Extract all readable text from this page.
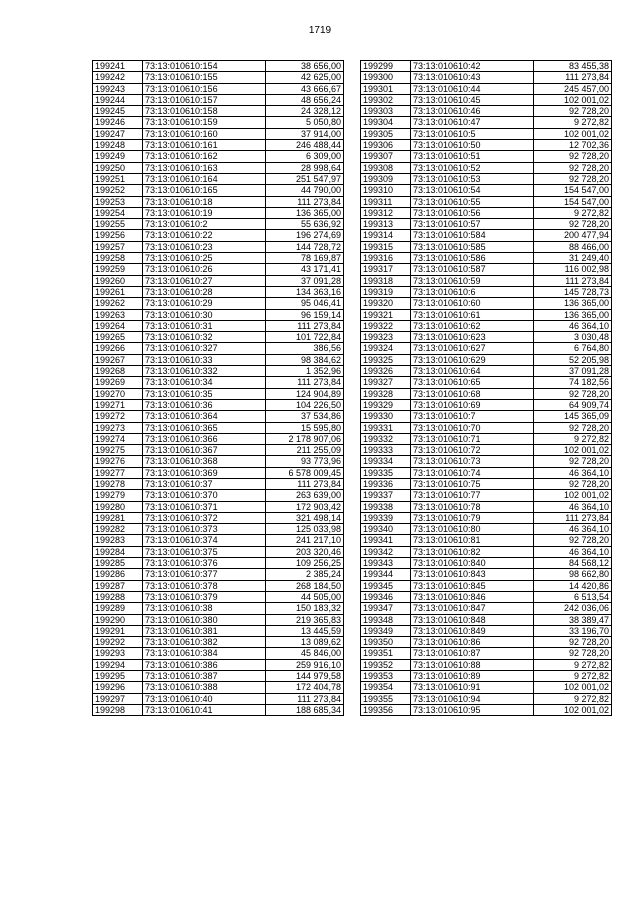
1719
199241	73:13:010610:154	38 656,00
199242	73:13:010610:155	42 625,00
199243	73:13:010610:156	43 666,67
199244	73:13:010610:157	48 656,24
199245	73:13:010610:158	24 328,12
199246	73:13:010610:159	5 050,80
199247	73:13:010610:160	37 914,00
199248	73:13:010610:161	246 488,44
199249	73:13:010610:162	6 309,00
199250	73:13:010610:163	28 998,64
199251	73:13:010610:164	251 547,97
199252	73:13:010610:165	44 790,00
199253	73:13:010610:18	111 273,84
199254	73:13:010610:19	136 365,00
199255	73:13:010610:2	55 636,92
199256	73:13:010610:22	196 274,69
199257	73:13:010610:23	144 728,72
199258	73:13:010610:25	78 169,87
199259	73:13:010610:26	43 171,41
199260	73:13:010610:27	37 091,28
199261	73:13:010610:28	134 363,16
199262	73:13:010610:29	95 046,41
199263	73:13:010610:30	96 159,14
199264	73:13:010610:31	111 273,84
199265	73:13:010610:32	101 722,84
199266	73:13:010610:327	386,56
199267	73:13:010610:33	98 384,62
199268	73:13:010610:332	1 352,96
199269	73:13:010610:34	111 273,84
199270	73:13:010610:35	124 904,89
199271	73:13:010610:36	104 226,50
199272	73:13:010610:364	37 534,86
199273	73:13:010610:365	15 595,80
199274	73:13:010610:366	2 178 907,06
199275	73:13:010610:367	211 255,09
199276	73:13:010610:368	93 773,96
199277	73:13:010610:369	6 578 009,45
199278	73:13:010610:37	111 273,84
199279	73:13:010610:370	263 639,00
199280	73:13:010610:371	172 903,42
199281	73:13:010610:372	321 498,14
199282	73:13:010610:373	125 033,98
199283	73:13:010610:374	241 217,10
199284	73:13:010610:375	203 320,46
199285	73:13:010610:376	109 256,25
199286	73:13:010610:377	2 385,24
199287	73:13:010610:378	268 184,50
199288	73:13:010610:379	44 505,00
199289	73:13:010610:38	150 183,32
199290	73:13:010610:380	219 365,83
199291	73:13:010610:381	13 445,59
199292	73:13:010610:382	13 089,62
199293	73:13:010610:384	45 846,00
199294	73:13:010610:386	259 916,10
199295	73:13:010610:387	144 979,58
199296	73:13:010610:388	172 404,78
199297	73:13:010610:40	111 273,84
199298	73:13:010610:41	188 685,34
199299	73:13:010610:42	83 455,38
199300	73:13:010610:43	111 273,84
199301	73:13:010610:44	245 457,00
199302	73:13:010610:45	102 001,02
199303	73:13:010610:46	92 728,20
199304	73:13:010610:47	9 272,82
199305	73:13:010610:5	102 001,02
199306	73:13:010610:50	12 702,36
199307	73:13:010610:51	92 728,20
199308	73:13:010610:52	92 728,20
199309	73:13:010610:53	92 728,20
199310	73:13:010610:54	154 547,00
199311	73:13:010610:55	154 547,00
199312	73:13:010610:56	9 272,82
199313	73:13:010610:57	92 728,20
199314	73:13:010610:584	200 477,94
199315	73:13:010610:585	88 466,00
199316	73:13:010610:586	31 249,40
199317	73:13:010610:587	116 002,98
199318	73:13:010610:59	111 273,84
199319	73:13:010610:6	145 728,73
199320	73:13:010610:60	136 365,00
199321	73:13:010610:61	136 365,00
199322	73:13:010610:62	46 364,10
199323	73:13:010610:623	3 030,48
199324	73:13:010610:627	6 764,80
199325	73:13:010610:629	52 205,98
199326	73:13:010610:64	37 091,28
199327	73:13:010610:65	74 182,56
199328	73:13:010610:68	92 728,20
199329	73:13:010610:69	64 909,74
199330	73:13:010610:7	145 365,09
199331	73:13:010610:70	92 728,20
199332	73:13:010610:71	9 272,82
199333	73:13:010610:72	102 001,02
199334	73:13:010610:73	92 728,20
199335	73:13:010610:74	46 364,10
199336	73:13:010610:75	92 728,20
199337	73:13:010610:77	102 001,02
199338	73:13:010610:78	46 364,10
199339	73:13:010610:79	111 273,84
199340	73:13:010610:80	46 364,10
199341	73:13:010610:81	92 728,20
199342	73:13:010610:82	46 364,10
199343	73:13:010610:840	84 568,12
199344	73:13:010610:843	98 662,80
199345	73:13:010610:845	14 420,86
199346	73:13:010610:846	6 513,54
199347	73:13:010610:847	242 036,06
199348	73:13:010610:848	38 389,47
199349	73:13:010610:849	33 196,70
199350	73:13:010610:86	92 728,20
199351	73:13:010610:87	92 728,20
199352	73:13:010610:88	9 272,82
199353	73:13:010610:89	9 272,82
199354	73:13:010610:91	102 001,02
199355	73:13:010610:94	9 272,82
199356	73:13:010610:95	102 001,02
